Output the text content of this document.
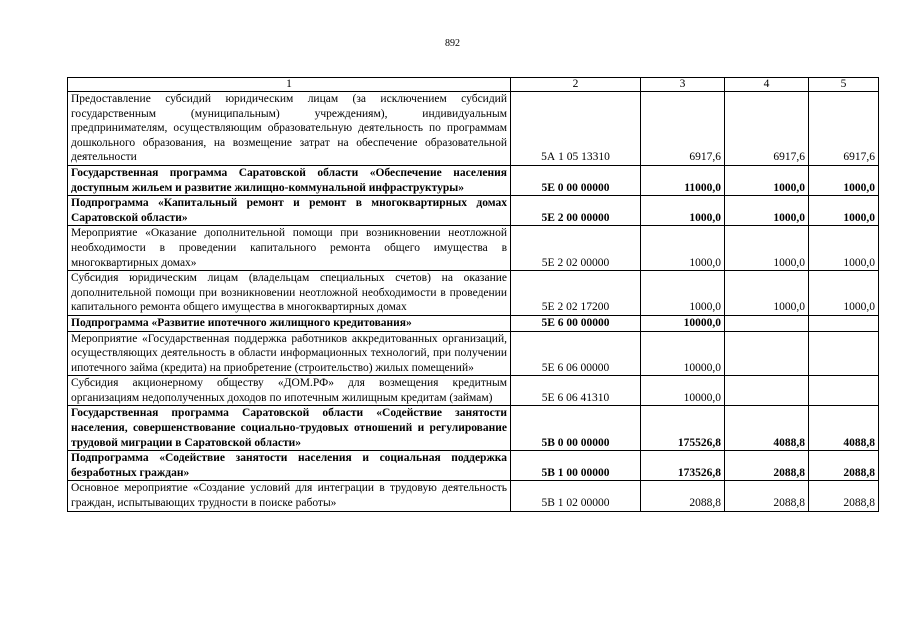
892
1	2	3	4	5
Предоставление субсидий юридическим лицам (за исключением субсидий государственным (муниципальным) учреждениям), индивидуальным предпринимателям, осуществляющим образовательную деятельность по программам дошкольного образования, на возмещение затрат на обеспечение образовательной деятельности	5А 1 05 13310	6917,6	6917,6	6917,6
Государственная программа Саратовской области «Обеспечение населения доступным жильем и развитие жилищно-коммунальной инфраструктуры»	5Е 0 00 00000	11000,0	1000,0	1000,0
Подпрограмма «Капитальный ремонт и ремонт в многоквартирных домах Саратовской области»	5Е 2 00 00000	1000,0	1000,0	1000,0
Мероприятие «Оказание дополнительной помощи при возникновении неотложной необходимости в проведении капитального ремонта общего имущества в многоквартирных домах»	5Е 2 02 00000	1000,0	1000,0	1000,0
Субсидия юридическим лицам (владельцам специальных счетов) на оказание дополнительной помощи при возникновении неотложной необходимости в проведении капитального ремонта общего имущества в многоквартирных домах	5Е 2 02 17200	1000,0	1000,0	1000,0
Подпрограмма «Развитие ипотечного жилищного кредитования»	5Е 6 00 00000	10000,0		
Мероприятие «Государственная поддержка работников аккредитованных организаций, осуществляющих деятельность в области информационных технологий, при получении ипотечного займа (кредита) на приобретение (строительство) жилых помещений»	5Е 6 06 00000	10000,0		
Субсидия акционерному обществу «ДОМ.РФ» для возмещения кредитным организациям недополученных доходов по ипотечным жилищным кредитам (займам)	5Е 6 06 41310	10000,0		
Государственная программа Саратовской области «Содействие занятости населения, совершенствование социально-трудовых отношений и регулирование трудовой миграции в Саратовской области»	5В 0 00 00000	175526,8	4088,8	4088,8
Подпрограмма «Содействие занятости населения и социальная поддержка безработных граждан»	5В 1 00 00000	173526,8	2088,8	2088,8
Основное мероприятие «Создание условий для интеграции в трудовую деятельность граждан, испытывающих трудности в поиске работы»	5В 1 02 00000	2088,8	2088,8	2088,8
